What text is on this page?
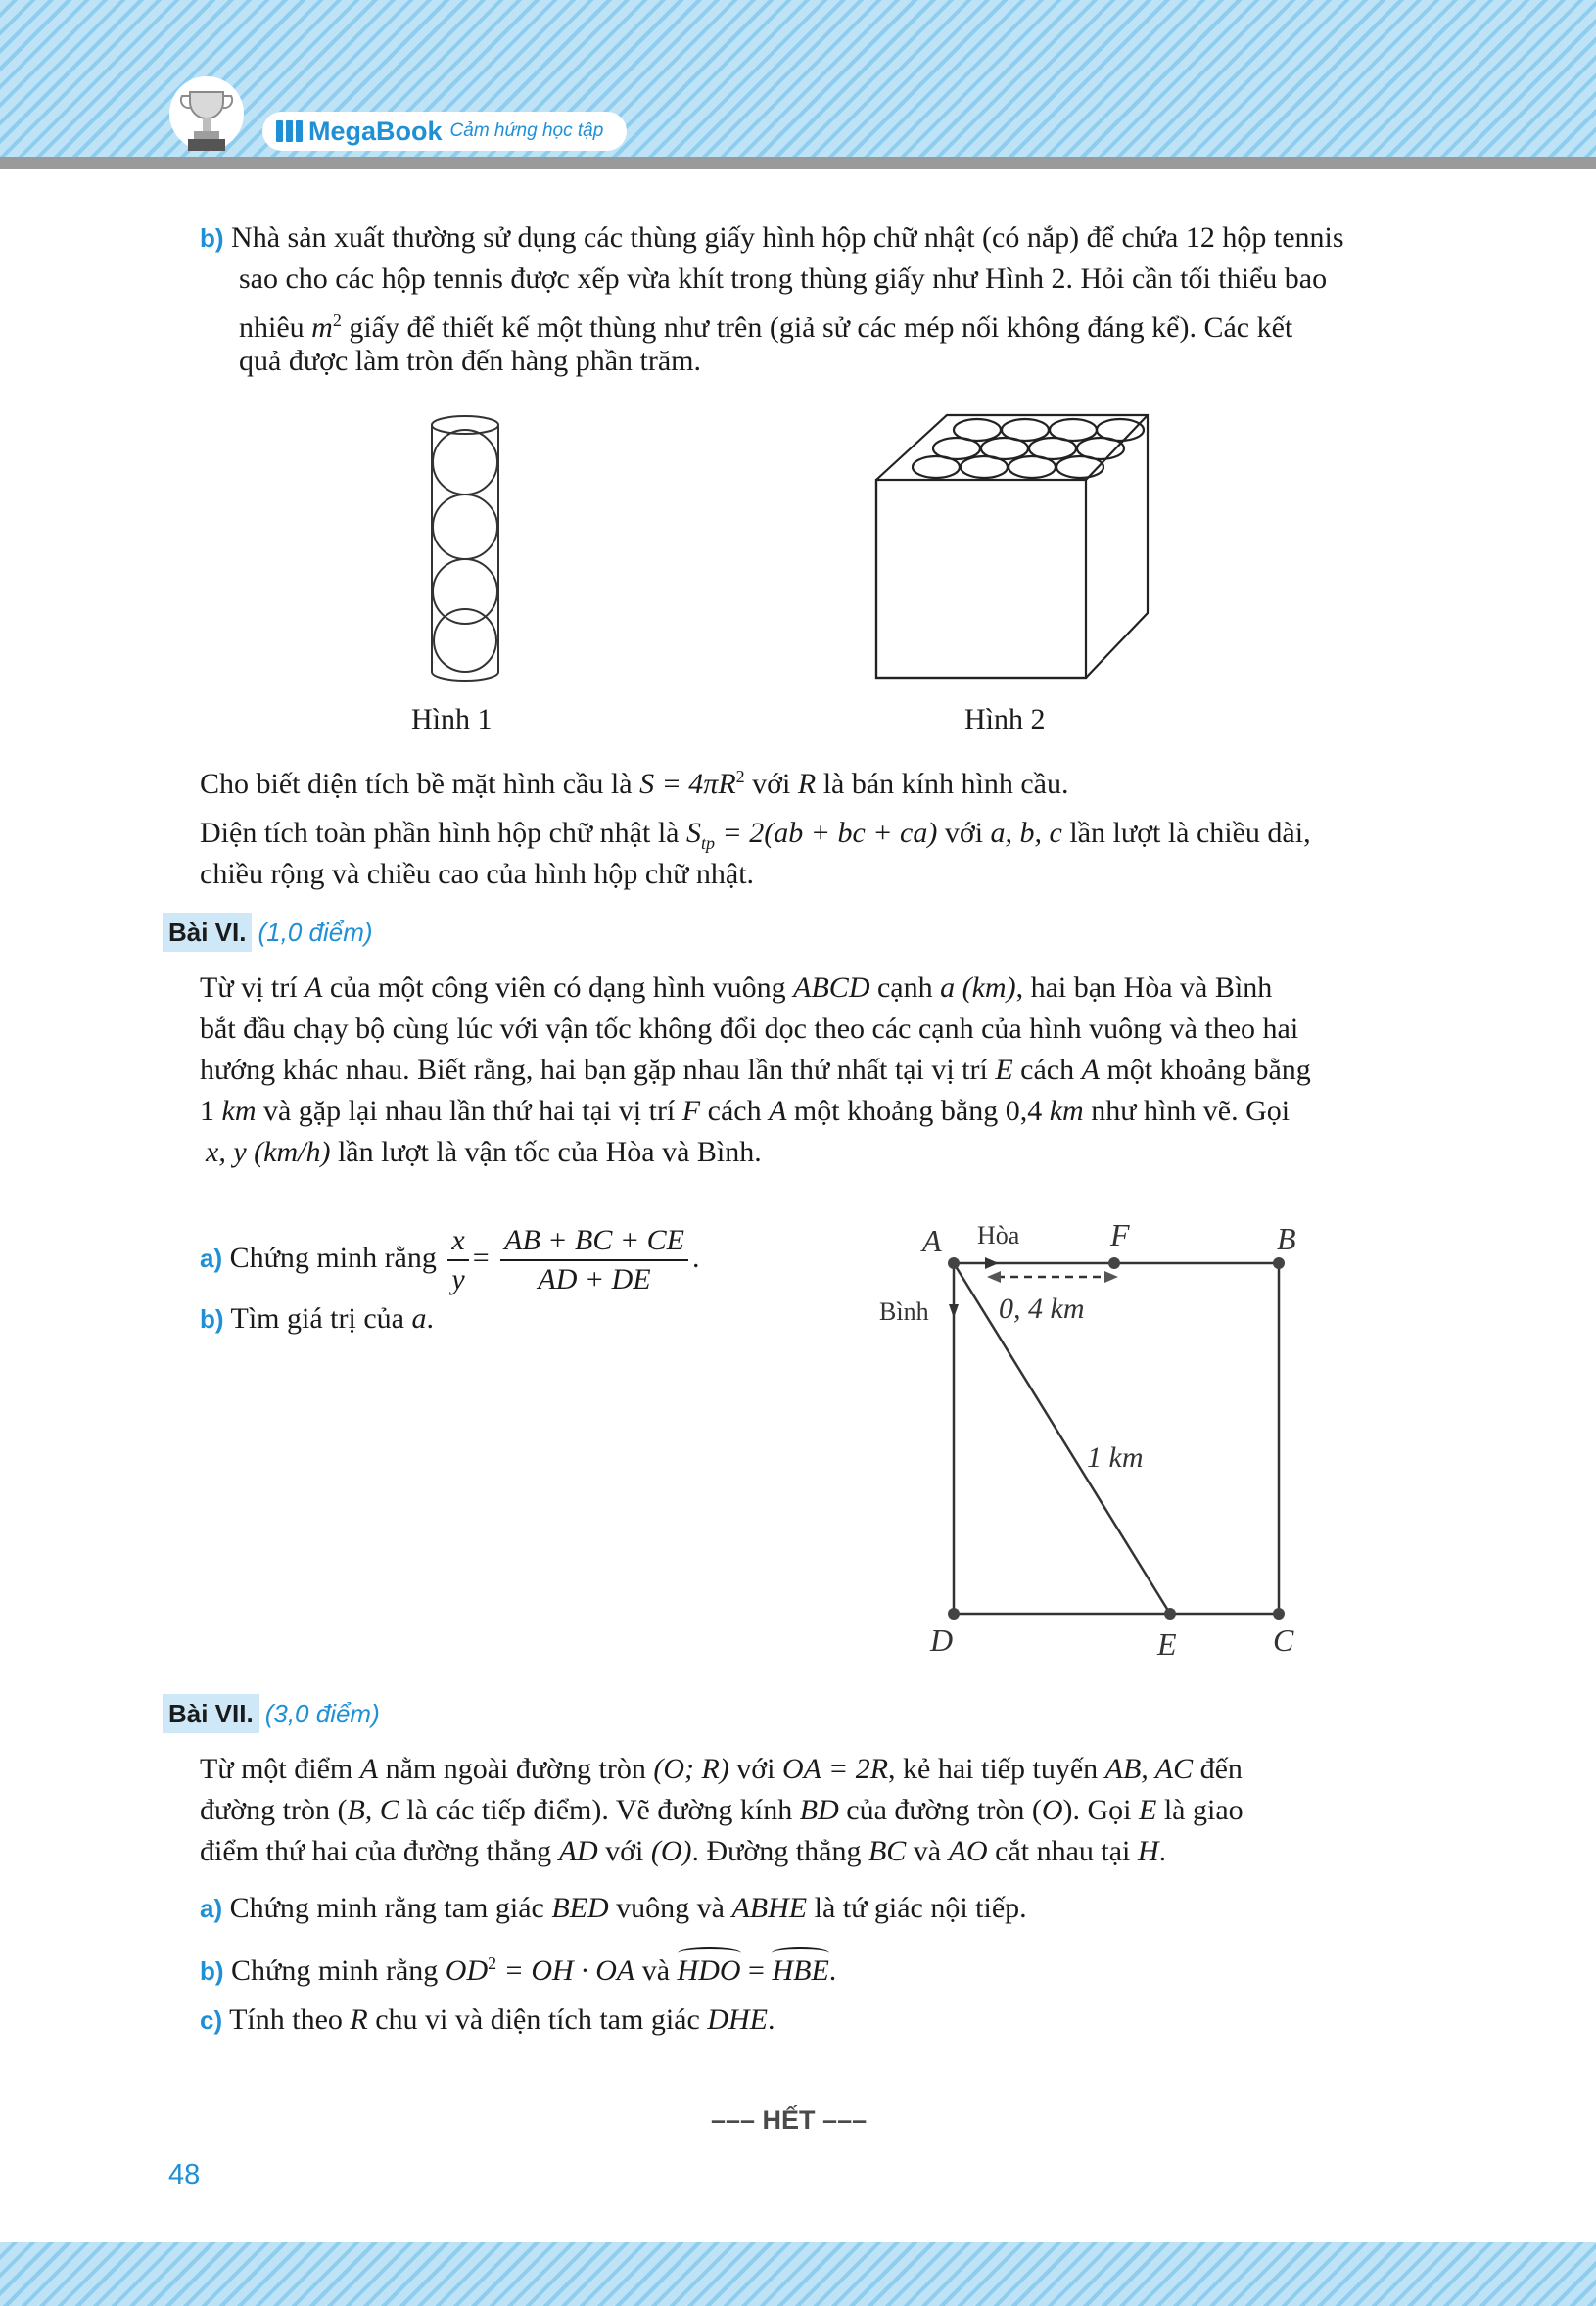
MegaBook Cảm hứng học tập
b) Nhà sản xuất thường sử dụng các thùng giấy hình hộp chữ nhật (có nắp) để chứa 12 hộp tennis
sao cho các hộp tennis được xếp vừa khít trong thùng giấy như Hình 2. Hỏi cần tối thiểu bao
nhiêu $m^2$ giấy để thiết kế một thùng như trên (giả sử các mép nối không đáng kể). Các kết
quả được làm tròn đến hàng phần trăm.
Hình 1	Hình 2
Cho biết diện tích bề mặt hình cầu là $S = 4\pi R^2$ với R là bán kính hình cầu.
Diện tích toàn phần hình hộp chữ nhật là $S_{tp} = 2(ab$ + bc + ca) với a, b, c lần lượt là chiều dài,
chiều rộng và chiều cao của hình hộp chữ nhật.
Bài VI. (1,0 điểm)
Từ vị trí A của một công viên có dạng hình vuông ABCD cạnh a (km), hai bạn Hòa và Bình
bắt đầu chạy bộ cùng lúc với vận tốc không đổi dọc theo các cạnh của hình vuông và theo hai
hướng khác nhau. Biết rằng, hai bạn gặp nhau lần thứ nhất tại vị trí E cách A một khoảng bằng
1 km và gặp lại nhau lần thứ hai tại vị trí F cách A một khoảng bằng 0,4 km như hình vẽ. Gọi
x, y (km/h) lần lượt là vận tốc của Hòa và Bình.
a) Chứng minh rằng $\frac{x}{y} = \frac{AB + BC + CE}{AD + DE}$ .
b) Tìm giá trị của a.
A	B
C
D	E
F
0, 4 km
1 km
Hòa
Bình
Bài VII. (3,0 điểm)
Từ một điểm A nằm ngoài đường tròn (O; R) với OA = 2R, kẻ hai tiếp tuyến AB, AC đến
đường tròn (B, C là các tiếp điểm). Vẽ đường kính BD của đường tròn (O). Gọi E là giao
điểm thứ hai của đường thẳng AD với (O). Đường thẳng BC và AO cắt nhau tại H.
a) Chứng minh rằng tam giác BED vuông và ABHE là tứ giác nội tiếp.
b) Chứng minh rằng $OD^2$ = OH · OA và HDO = HBE.
c) Tính theo R chu vi và diện tích tam giác DHE.
––– HẾT –––
48
